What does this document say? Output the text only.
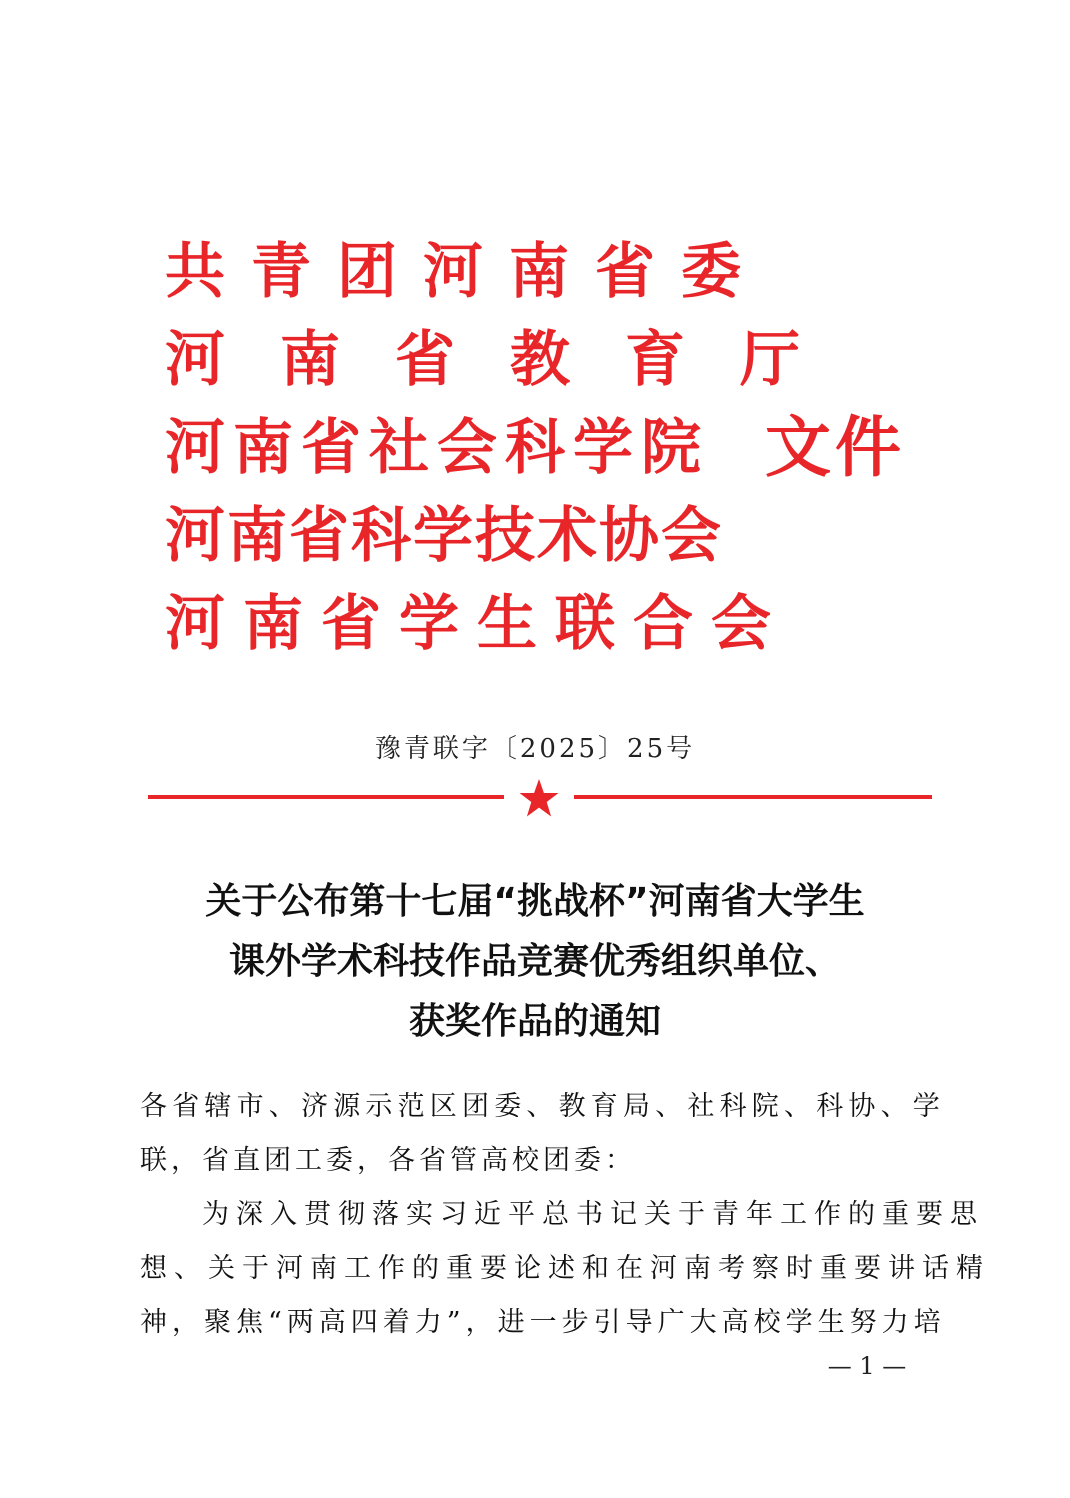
共青团河南省委
河南省教育厅
河南省社会科学院
河南省科学技术协会
河南省学生联合会
文件
豫青联字〔2025〕25号
关于公布第十七届“挑战杯”河南省大学生
课外学术科技作品竞赛优秀组织单位、
获奖作品的通知
各省辖市、济源示范区团委、教育局、社科院、科协、学
联，省直团工委，各省管高校团委：
为深入贯彻落实习近平总书记关于青年工作的重要思
想、关于河南工作的重要论述和在河南考察时重要讲话精
神，聚焦“两高四着力”，进一步引导广大高校学生努力培
— 1 —
